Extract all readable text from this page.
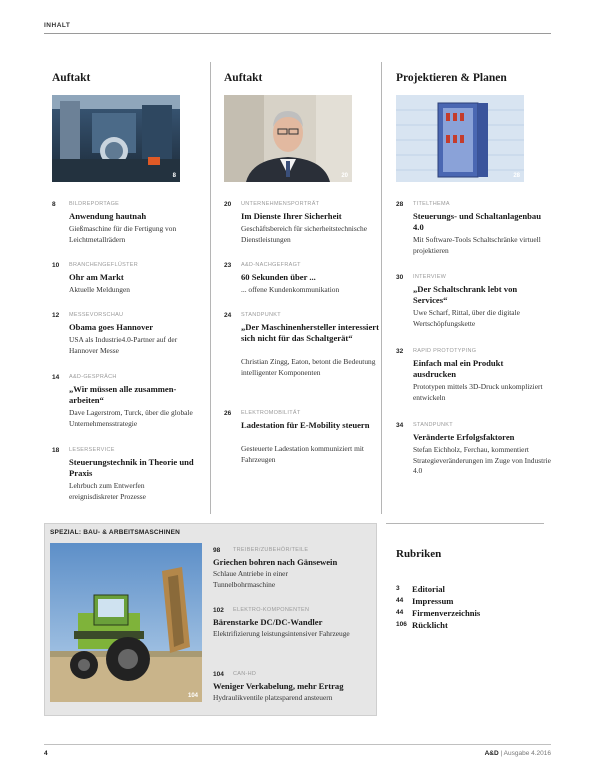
INHALT
Auftakt	Auftakt	Projektieren & Planen
8	20	28
8 BILDREPORTAGE
Anwendung hautnah
Gießmaschine für die Fertigung von Leichtmetallrädern
10 BRANCHENGEFLÜSTER
Ohr am Markt
Aktuelle Meldungen
12 MESSEVORSCHAU
Obama goes Hannover
USA als Industrie4.0-Partner auf der Hannover Messe
14 A&D-GESPRÄCH
„Wir müssen alle zusammenarbeiten“
Dave Lagerstrom, Turck, über die globale Unternehmensstrategie
18 LESERSERVICE
Steuerungstechnik in Theorie und Praxis
Lehrbuch zum Entwerfen ereignisdiskreter Prozesse
20 UNTERNEHMENSPORTRÄT
Im Dienste Ihrer Sicherheit
Geschäftsbereich für sicherheitstechnische Dienstleistungen
23 A&D-NACHGEFRAGT
60 Sekunden über ...
... offene Kundenkommunikation
24 STANDPUNKT
„Der Maschinenhersteller interessiert sich nicht für das Schaltgerät“
Christian Zingg, Eaton, betont die Bedeutung intelligenter Komponenten
26 ELEKTROMOBILITÄT
Ladestation für E-Mobility steuern
Gesteuerte Ladestation kommuniziert mit Fahrzeugen
28 TITELTHEMA
Steuerungs- und Schaltanlagenbau 4.0
Mit Software-Tools Schaltschränke virtuell projektieren
30 INTERVIEW
„Der Schaltschrank lebt von Services“
Uwe Scharf, Rittal, über die digitale Wertschöpfungskette
32 RAPID PROTOTYPING
Einfach mal ein Produkt ausdrucken
Prototypen mittels 3D-Druck unkompliziert entwickeln
34 STANDPUNKT
Veränderte Erfolgsfaktoren
Stefan Eichholz, Ferchau, kommentiert Strategieveränderungen im Zuge von Industrie 4.0
SPEZIAL: BAU- & ARBEITSMASCHINEN
104
98 TREIBER/ZUBEHÖR/TEILE
Griechen bohren nach Gänsewein
Schlaue Antriebe in einer Tunnelbohrmaschine
102 ELEKTRO-KOMPONENTEN
Bärenstarke DC/DC-Wandler
Elektrifizierung leistungsintensiver Fahrzeuge
104 CAN-HD
Weniger Verkabelung, mehr Ertrag
Hydraulikventile platzsparend ansteuern
Rubriken
3 Editorial
44 Impressum
44 Firmenverzeichnis
106 Rücklicht
4	A&D | Ausgabe 4.2016
